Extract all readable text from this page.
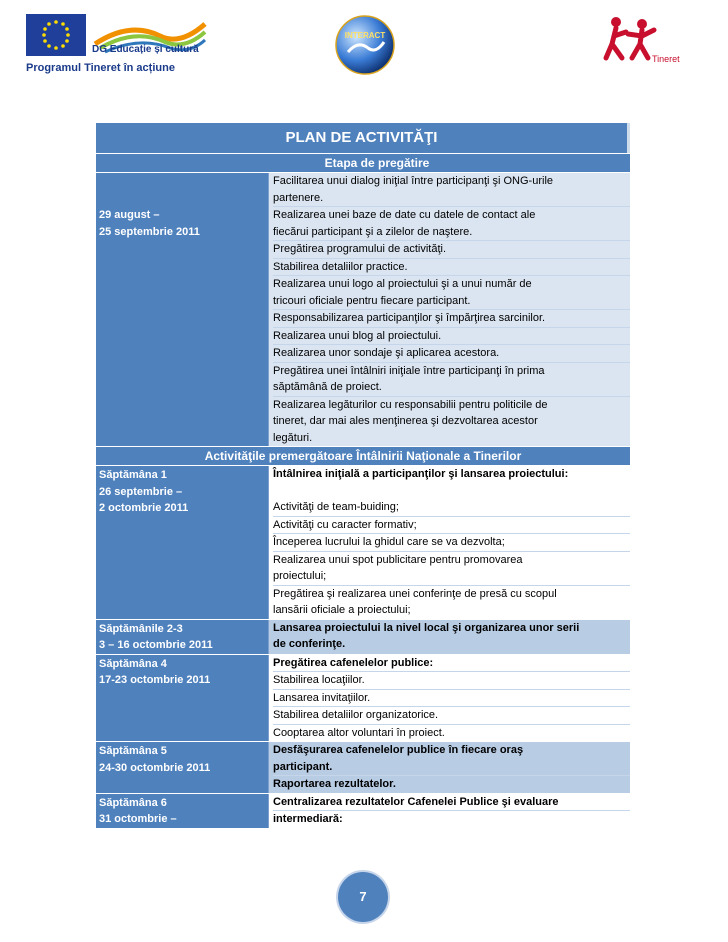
DG Educație și cultură
Programul Tineret în acțiune
INTERACT
Tineret
PLAN DE ACTIVITĂŢI
Etapa de pregătire
29 august –
25 septembrie 2011
Facilitarea unui dialog iniţial între participanţi şi ONG-urile
partenere.
Realizarea unei baze de date cu datele de contact ale
fiecărui participant şi a zilelor de naştere.
Pregătirea programului de activităţi.
Stabilirea detaliilor practice.
Realizarea unui logo al proiectului şi a unui număr de
tricouri oficiale pentru fiecare participant.
Responsabilizarea participanţilor şi împărţirea sarcinilor.
Realizarea unui blog al proiectului.
Realizarea unor sondaje şi aplicarea acestora.
Pregătirea unei întâlniri iniţiale între participanţi în prima
săptămână de proiect.
Realizarea legăturilor cu responsabilii pentru politicile de
tineret, dar mai ales menţinerea şi dezvoltarea acestor
legături.
Activităţile premergătoare Întâlnirii Naţionale a Tinerilor
Săptămâna 1
26 septembrie –
2 octombrie 2011
Întâlnirea iniţială a participanţilor şi lansarea proiectului:
Activităţi de team-buiding;
Activităţi cu caracter formativ;
Începerea lucrului la ghidul care se va dezvolta;
Realizarea unui spot publicitare pentru promovarea
proiectului;
Pregătirea şi realizarea unei conferinţe de presă cu scopul
lansării oficiale a proiectului;
Săptămânile 2-3
3 – 16 octombrie 2011
Lansarea proiectului la nivel local şi organizarea unor serii
de conferinţe.
Săptămâna 4
17-23 octombrie 2011
Pregătirea cafenelelor publice:
Stabilirea locaţiilor.
Lansarea invitaţiilor.
Stabilirea detaliilor organizatorice.
Cooptarea altor voluntari în proiect.
Săptămâna 5
24-30 octombrie 2011
Desfăşurarea cafenelelor publice în fiecare oraş
participant.
Raportarea rezultatelor.
Săptămâna 6
31 octombrie –
Centralizarea rezultatelor Cafenelei Publice şi evaluare
intermediară:
7
